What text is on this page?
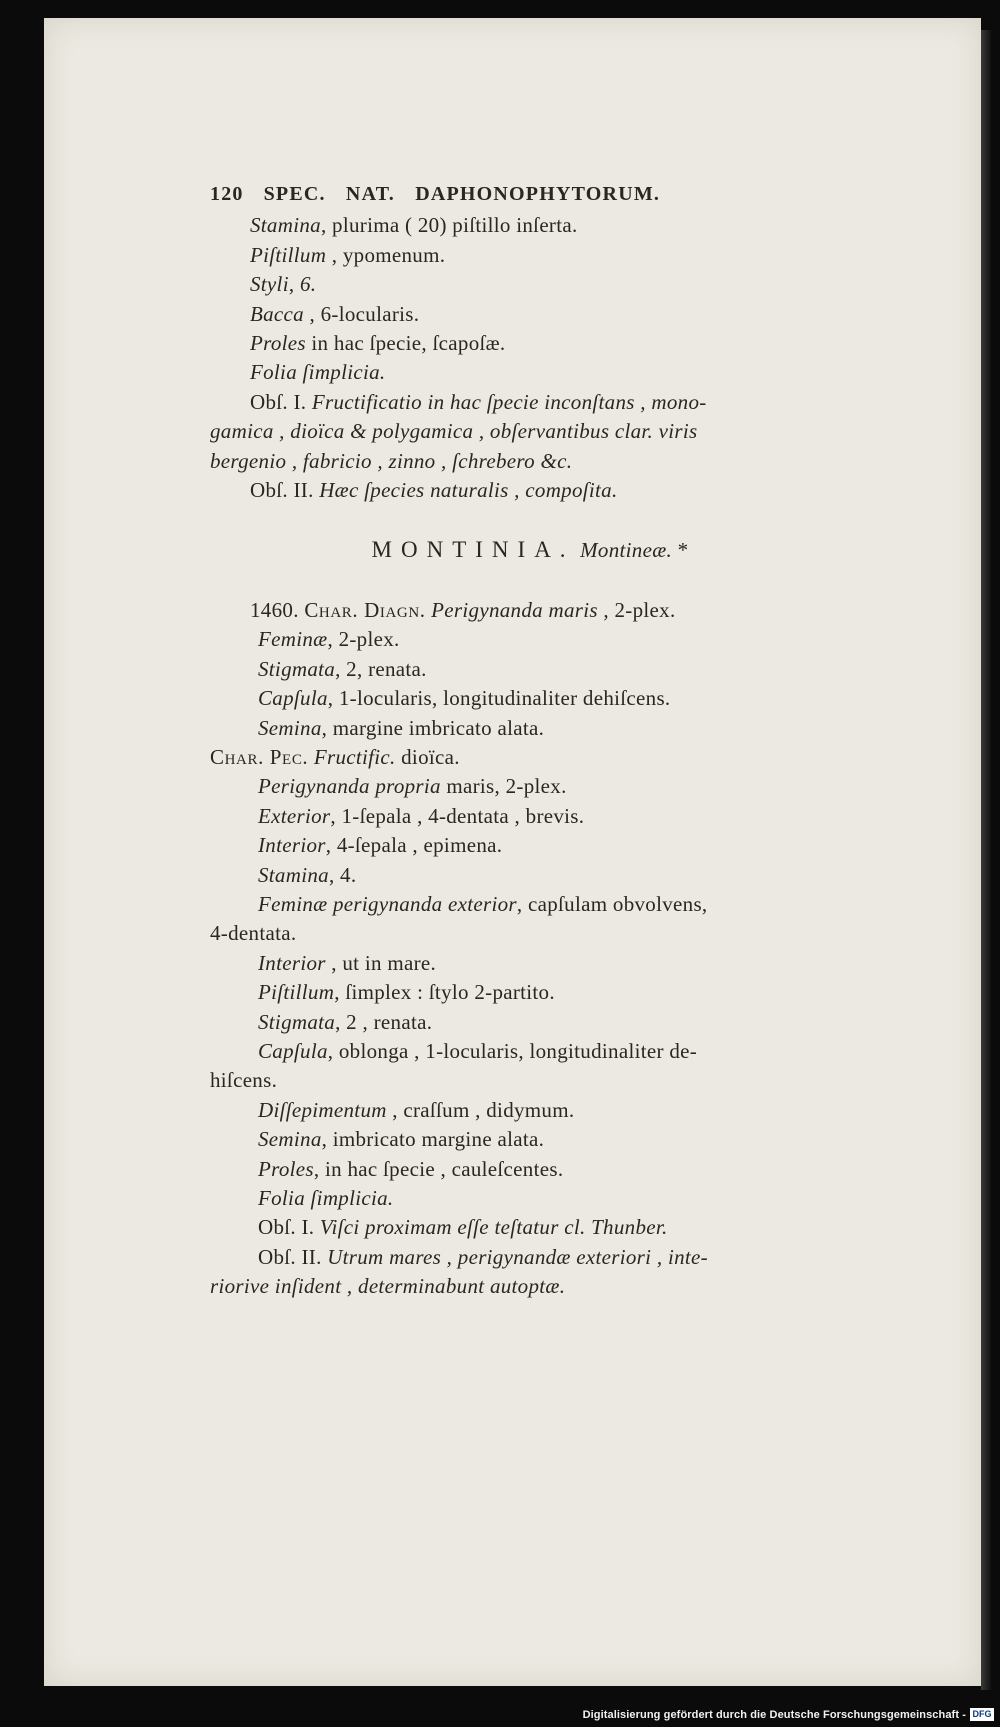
120 SPEC. NAT. DAPHONOPHYTORUM.
Stamina, plurima ( 20) piſtillo inſerta.
Piſtillum , ypomenum.
Styli, 6.
Bacca , 6-locularis.
Proles in hac ſpecie, ſcapoſæ.
Folia ſimplicia.
Obſ. I. Fructificatio in hac ſpecie inconſtans , mono-
gamica , dioïca & polygamica , obſervantibus clar. viris
bergenio , fabricio , zinno , ſchrebero &c.
Obſ. II. Hæc ſpecies naturalis , compoſita.
MONTINIA. Montineæ. *
1460. Char. Diagn. Perigynanda maris , 2-plex.
Feminæ, 2-plex.
Stigmata, 2, renata.
Capſula, 1-locularis, longitudinaliter dehiſcens.
Semina, margine imbricato alata.
Char. Pec. Fructific. dioïca.
Perigynanda propria maris, 2-plex.
Exterior, 1-ſepala , 4-dentata , brevis.
Interior, 4-ſepala , epimena.
Stamina, 4.
Feminæ perigynanda exterior, capſulam obvolvens,
4-dentata.
Interior , ut in mare.
Piſtillum, ſimplex : ſtylo 2-partito.
Stigmata, 2 , renata.
Capſula, oblonga , 1-locularis, longitudinaliter de-
hiſcens.
Diſſepimentum , craſſum , didymum.
Semina, imbricato margine alata.
Proles, in hac ſpecie , cauleſcentes.
Folia ſimplicia.
Obſ. I. Viſci proximam eſſe teſtatur cl. Thunber.
Obſ. II. Utrum mares , perigynandæ exteriori , inte-
riorive inſident , determinabunt autoptæ.
Digitalisierung gefördert durch die Deutsche Forschungsgemeinschaft - DFG
